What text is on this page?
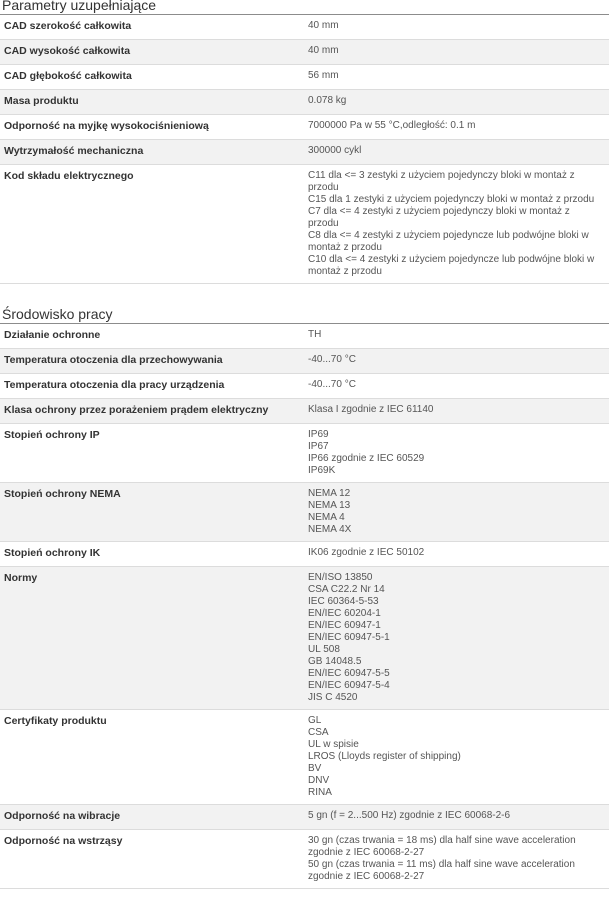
Parametry uzupełniające
CAD szerokość całkowita	40 mm
CAD wysokość całkowita	40 mm
CAD głębokość całkowita	56 mm
Masa produktu	0.078 kg
Odporność na myjkę wysokociśnieniową	7000000 Pa w 55 °C,odległość: 0.1 m
Wytrzymałość mechaniczna	300000 cykl
Kod składu elektrycznego	C11 dla <= 3 zestyki z użyciem pojedynczy bloki w montaż z przodu
C15 dla 1 zestyki z użyciem pojedynczy bloki w montaż z przodu
C7 dla <= 4 zestyki z użyciem pojedynczy bloki w montaż z przodu
C8 dla <= 4 zestyki z użyciem pojedyncze lub podwójne bloki w montaż z przodu
C10 dla <= 4 zestyki z użyciem pojedyncze lub podwójne bloki w montaż z przodu
Środowisko pracy
Działanie ochronne	TH
Temperatura otoczenia dla przechowywania	-40...70 °C
Temperatura otoczenia dla pracy urządzenia	-40...70 °C
Klasa ochrony przez porażeniem prądem elektryczny	Klasa I zgodnie z IEC 61140
Stopień ochrony IP	IP69
IP67
IP66 zgodnie z IEC 60529
IP69K
Stopień ochrony NEMA	NEMA 12
NEMA 13
NEMA 4
NEMA 4X
Stopień ochrony IK	IK06 zgodnie z IEC 50102
Normy	EN/ISO 13850
CSA C22.2 Nr 14
IEC 60364-5-53
EN/IEC 60204-1
EN/IEC 60947-1
EN/IEC 60947-5-1
UL 508
GB 14048.5
EN/IEC 60947-5-5
EN/IEC 60947-5-4
JIS C 4520
Certyfikaty produktu	GL
CSA
UL w spisie
LROS (Lloyds register of shipping)
BV
DNV
RINA
Odporność na wibracje	5 gn (f = 2...500 Hz) zgodnie z IEC 60068-2-6
Odporność na wstrząsy	30 gn (czas trwania = 18 ms) dla half sine wave acceleration zgodnie z IEC 60068-2-27
50 gn (czas trwania = 11 ms) dla half sine wave acceleration zgodnie z IEC 60068-2-27
